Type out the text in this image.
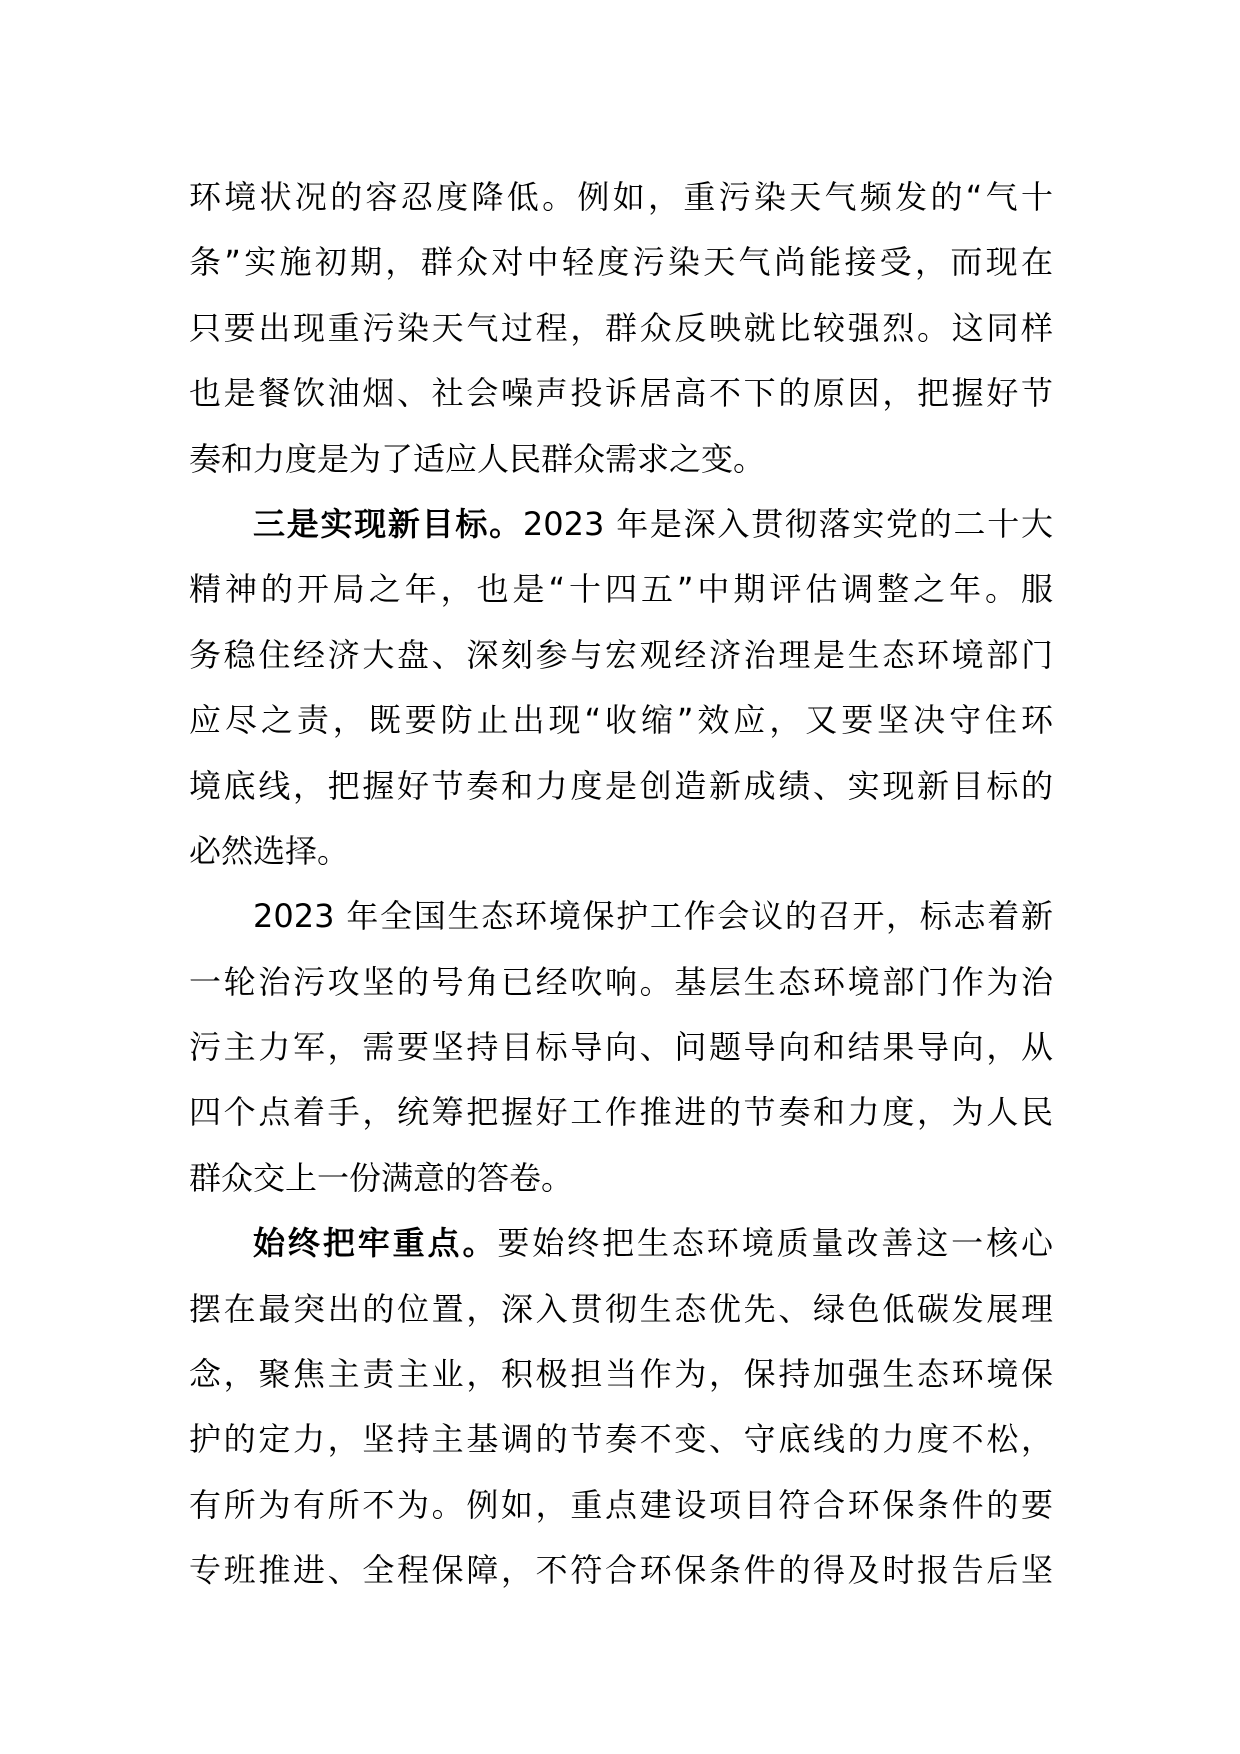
环境状况的容忍度降低。例如，重污染天气频发的“气十
条”实施初期，群众对中轻度污染天气尚能接受，而现在
只要出现重污染天气过程，群众反映就比较强烈。这同样
也是餐饮油烟、社会噪声投诉居高不下的原因，把握好节
奏和力度是为了适应人民群众需求之变。
三是实现新目标。2023 年是深入贯彻落实党的二十大
精神的开局之年，也是“十四五”中期评估调整之年。服
务稳住经济大盘、深刻参与宏观经济治理是生态环境部门
应尽之责，既要防止出现“收缩”效应，又要坚决守住环
境底线，把握好节奏和力度是创造新成绩、实现新目标的
必然选择。
2023 年全国生态环境保护工作会议的召开，标志着新
一轮治污攻坚的号角已经吹响。基层生态环境部门作为治
污主力军，需要坚持目标导向、问题导向和结果导向，从
四个点着手，统筹把握好工作推进的节奏和力度，为人民
群众交上一份满意的答卷。
始终把牢重点。要始终把生态环境质量改善这一核心
摆在最突出的位置，深入贯彻生态优先、绿色低碳发展理
念，聚焦主责主业，积极担当作为，保持加强生态环境保
护的定力，坚持主基调的节奏不变、守底线的力度不松，
有所为有所不为。例如，重点建设项目符合环保条件的要
专班推进、全程保障，不符合环保条件的得及时报告后坚
